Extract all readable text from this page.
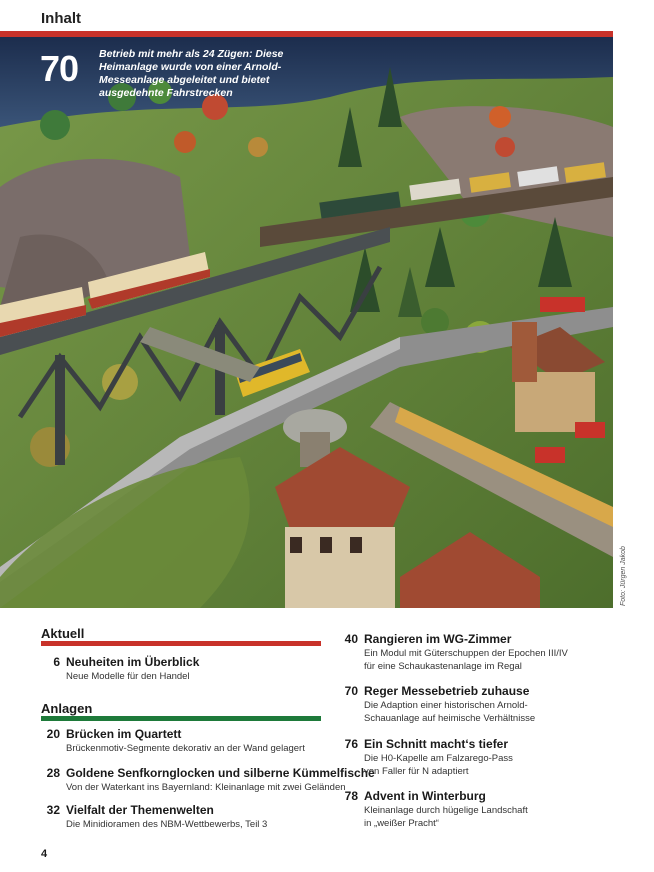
Inhalt
70 Betrieb mit mehr als 24 Zügen: Diese Heimanlage wurde von einer Arnold-Messeanlage abgeleitet und bietet ausgedehnte Fahrstrecken
Foto: Jürgen Jakob
Aktuell
6 Neuheiten im Überblick
Neue Modelle für den Handel
Anlagen
20 Brücken im Quartett
Brückenmotiv-Segmente dekorativ an der Wand gelagert
28 Goldene Senfkornglocken und silberne Kümmelfische
Von der Waterkant ins Bayernland: Kleinanlage mit zwei Geländen
32 Vielfalt der Themenwelten
Die Minidioramen des NBM-Wettbewerbs, Teil 3
40 Rangieren im WG-Zimmer
Ein Modul mit Güterschuppen der Epochen III/IV
für eine Schaukastenanlage im Regal
70 Reger Messebetrieb zuhause
Die Adaption einer historischen Arnold-
Schauanlage auf heimische Verhältnisse
76 Ein Schnitt macht‘s tiefer
Die H0-Kapelle am Falzarego-Pass
von Faller für N adaptiert
78 Advent in Winterburg
Kleinanlage durch hügelige Landschaft
in „weißer Pracht“
4
